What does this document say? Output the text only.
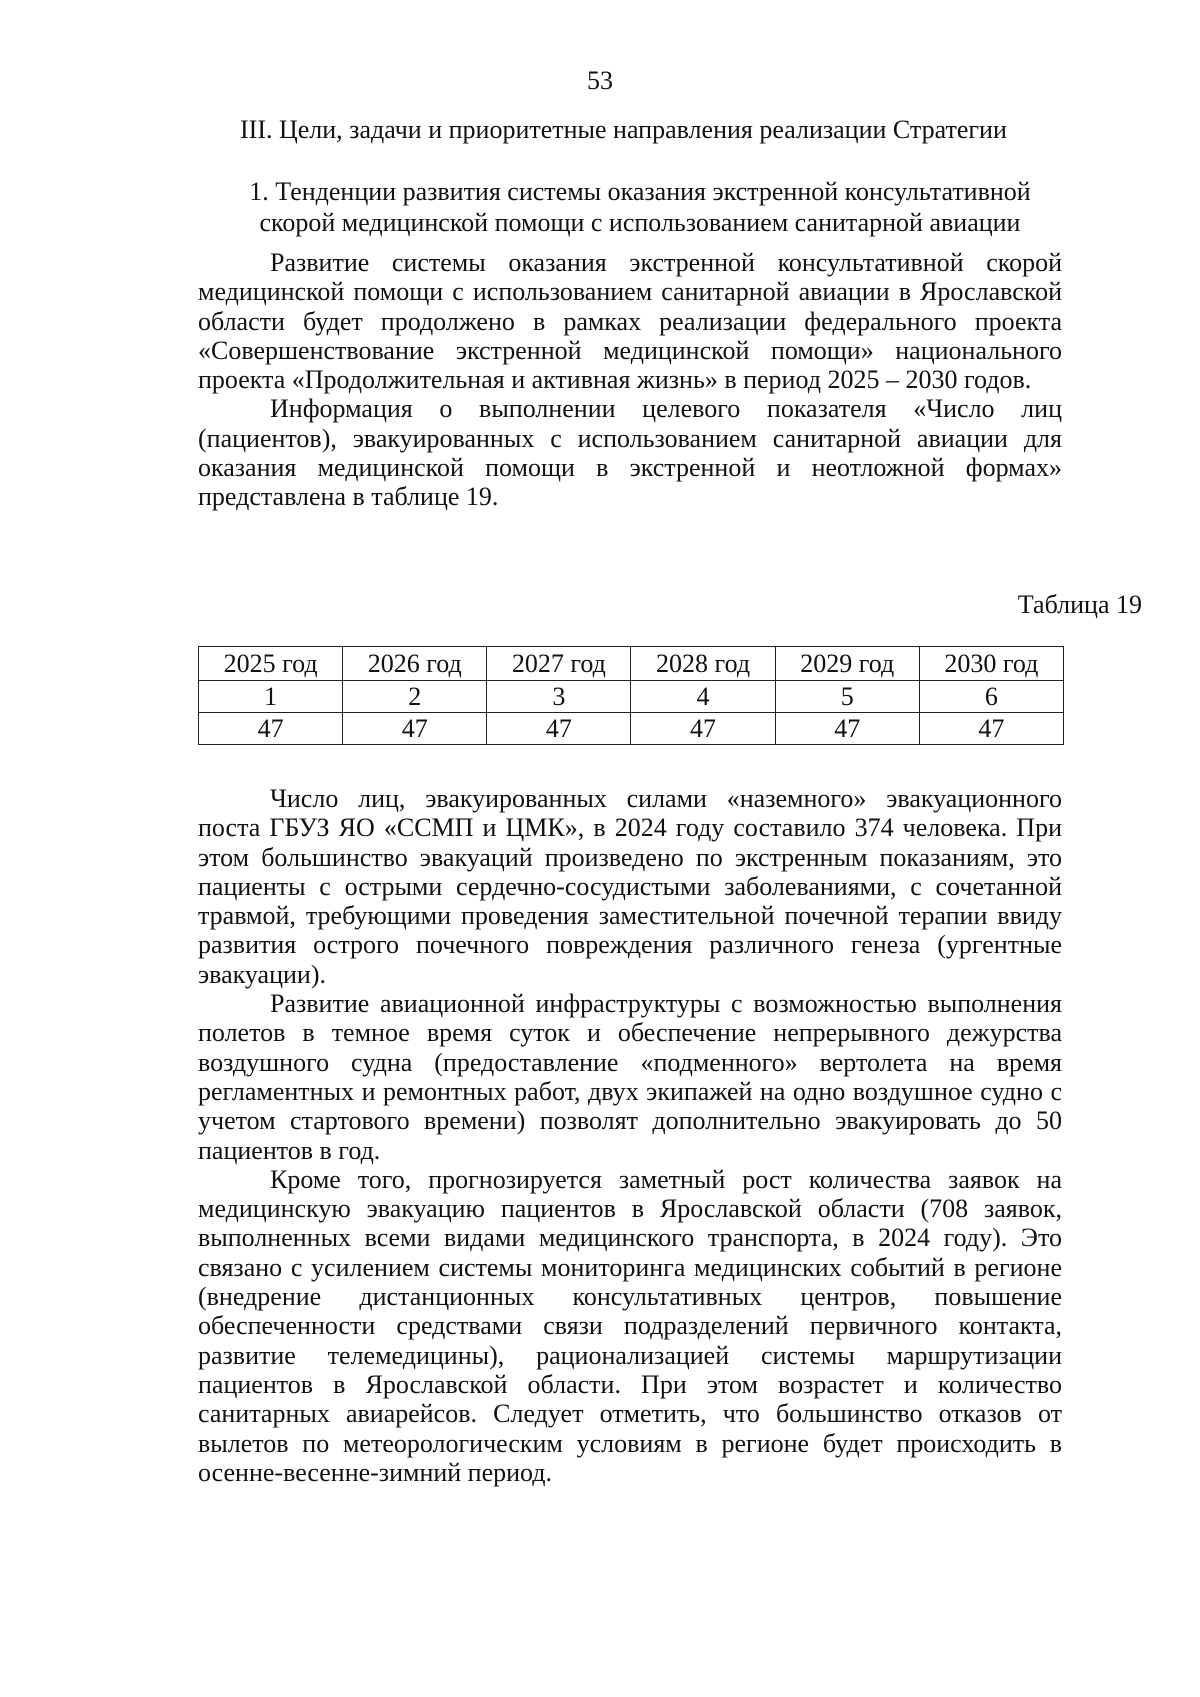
53
III. Цели, задачи и приоритетные направления реализации Стратегии
1. Тенденции развития системы оказания экстренной консультативной
скорой медицинской помощи с использованием санитарной авиации

Развитие системы оказания экстренной консультативной скорой медицинской помощи с использованием санитарной авиации в Ярославской области будет продолжено в рамках реализации федерального проекта «Совершенствование экстренной медицинской помощи» национального проекта «Продолжительная и активная жизнь» в период 2025 – 2030 годов.

Информация о выполнении целевого показателя «Число лиц (пациентов), эвакуированных с использованием санитарной авиации для оказания медицинской помощи в экстренной и неотложной формах» представлена в таблице 19.

Таблица 19
2025 год	2026 год	2027 год	2028 год	2029 год	2030 год
1	2	3	4	5	6
47	47	47	47	47	47

Число лиц, эвакуированных силами «наземного» эвакуационного поста ГБУЗ ЯО «ССМП и ЦМК», в 2024 году составило 374 человека. При этом большинство эвакуаций произведено по экстренным показаниям, это пациенты с острыми сердечно-сосудистыми заболеваниями, с сочетанной травмой, требующими проведения заместительной почечной терапии ввиду развития острого почечного повреждения различного генеза (ургентные эвакуации).

Развитие авиационной инфраструктуры с возможностью выполнения полетов в темное время суток и обеспечение непрерывного дежурства воздушного судна (предоставление «подменного» вертолета на время регламентных и ремонтных работ, двух экипажей на одно воздушное судно с учетом стартового времени) позволят дополнительно эвакуировать до 50 пациентов в год.

Кроме того, прогнозируется заметный рост количества заявок на медицинскую эвакуацию пациентов в Ярославской области (708 заявок, выполненных всеми видами медицинского транспорта, в 2024 году). Это связано с усилением системы мониторинга медицинских событий в регионе (внедрение дистанционных консультативных центров, повышение обеспеченности средствами связи подразделений первичного контакта, развитие телемедицины), рационализацией системы маршрутизации пациентов в Ярославской области. При этом возрастет и количество санитарных авиарейсов. Следует отметить, что большинство отказов от вылетов по метеорологическим условиям в регионе будет происходить в осенне-весенне-зимний период.
